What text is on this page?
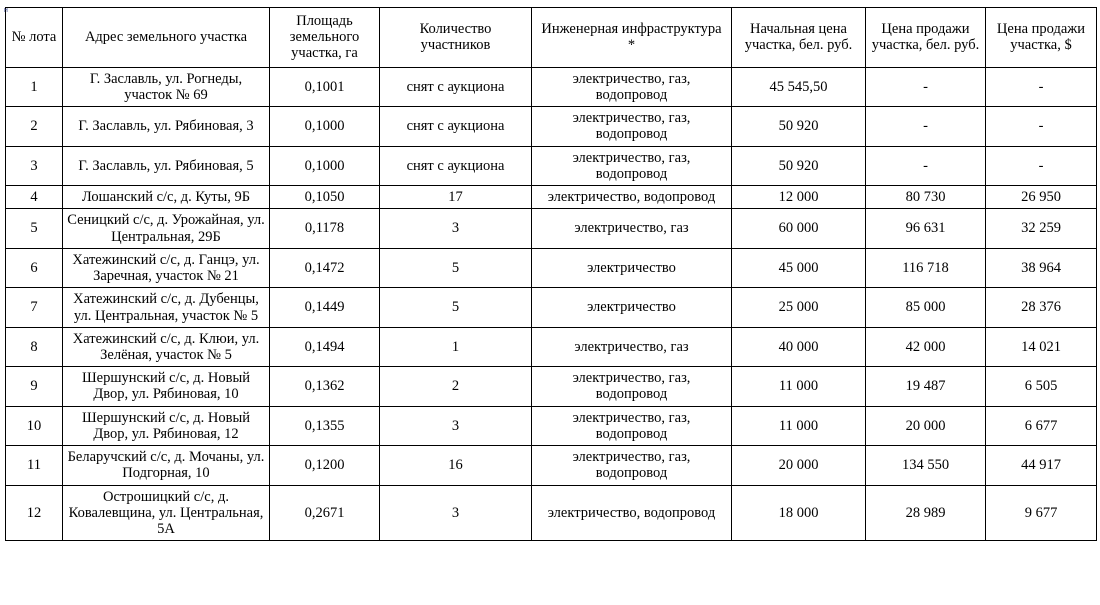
н
№ лота	Адрес земельного участка	Площадь земельного участка, га	Количество участников	Инженерная инфраструктура *	Начальная цена участка, бел. руб.	Цена продажи участка, бел. руб.	Цена продажи участка, $
1	Г. Заславль, ул. Рогнеды, участок № 69	0,1001	снят с аукциона	электричество, газ, водопровод	45 545,50	-	-
2	Г. Заславль, ул. Рябиновая, 3	0,1000	снят с аукциона	электричество, газ, водопровод	50 920	-	-
3	Г. Заславль, ул. Рябиновая, 5	0,1000	снят с аукциона	электричество, газ, водопровод	50 920	-	-
4	Лошанский с/с, д. Куты, 9Б	0,1050	17	электричество, водопровод	12 000	80 730	26 950
5	Сеницкий с/с, д. Урожайная, ул. Центральная, 29Б	0,1178	3	электричество, газ	60 000	96 631	32 259
6	Хатежинский с/с, д. Ганцэ, ул. Заречная, участок № 21	0,1472	5	электричество	45 000	116 718	38 964
7	Хатежинский с/с, д. Дубенцы, ул. Центральная, участок № 5	0,1449	5	электричество	25 000	85 000	28 376
8	Хатежинский с/с, д. Клюи, ул. Зелёная, участок № 5	0,1494	1	электричество, газ	40 000	42 000	14 021
9	Шершунский с/с, д. Новый Двор, ул. Рябиновая, 10	0,1362	2	электричество, газ, водопровод	11 000	19 487	6 505
10	Шершунский с/с, д. Новый Двор, ул. Рябиновая, 12	0,1355	3	электричество, газ, водопровод	11 000	20 000	6 677
11	Беларучский с/с, д. Мочаны, ул. Подгорная, 10	0,1200	16	электричество, газ, водопровод	20 000	134 550	44 917
12	Острошицкий с/с, д. Ковалевщина, ул. Центральная, 5А	0,2671	3	электричество, водопровод	18 000	28 989	9 677
